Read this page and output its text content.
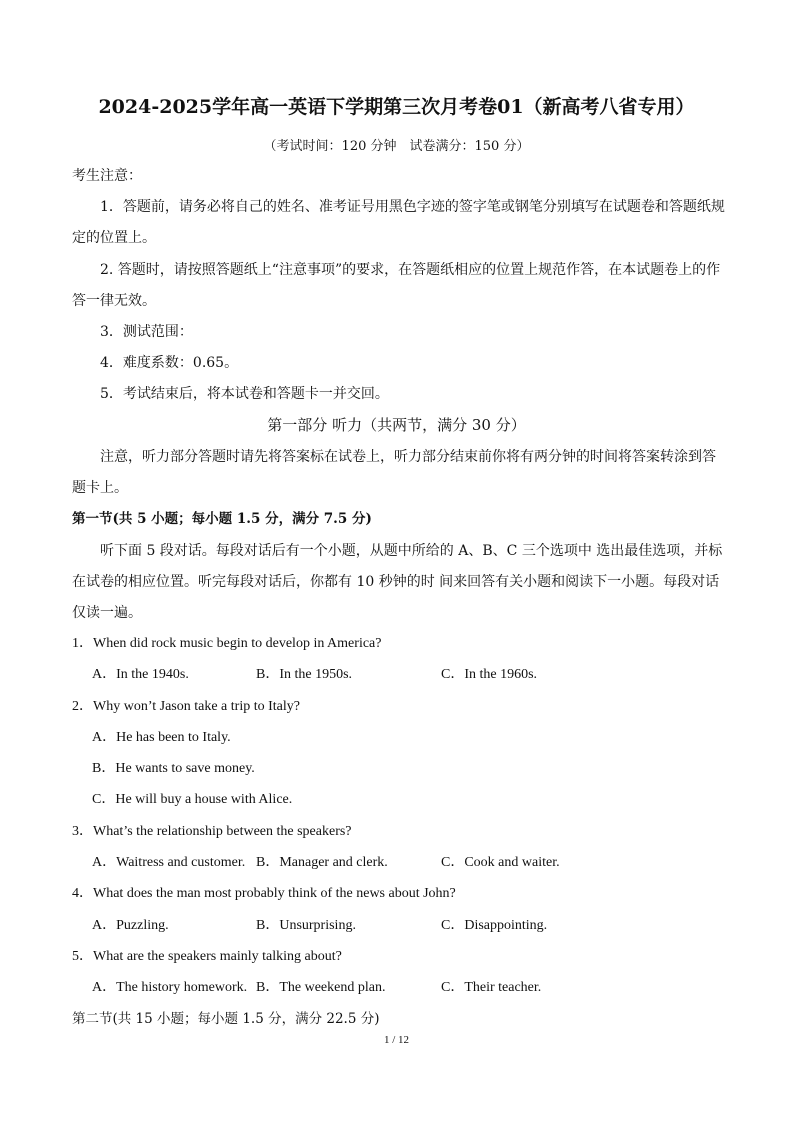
2024-2025学年高一英语下学期第三次月考卷01（新高考八省专用）
（考试时间：120 分钟　试卷满分：150 分）
考生注意：
1．答题前，请务必将自己的姓名、准考证号用黑色字迹的签字笔或钢笔分别填写在试题卷和答题纸规
定的位置上。
2. 答题时，请按照答题纸上“注意事项”的要求，在答题纸相应的位置上规范作答，在本试题卷上的作
答一律无效。
3．测试范围：
4．难度系数：0.65。
5．考试结束后，将本试卷和答题卡一并交回。
第一部分 听力（共两节，满分 30 分）
注意，听力部分答题时请先将答案标在试卷上，听力部分结束前你将有两分钟的时间将答案转涂到答
题卡上。
第一节(共 5 小题；每小题 1.5 分，满分 7.5 分)
听下面 5 段对话。每段对话后有一个小题，从题中所给的 A、B、C 三个选项中 选出最佳选项，并标
在试卷的相应位置。听完每段对话后，你都有 10 秒钟的时 间来回答有关小题和阅读下一小题。每段对话
仅读一遍。
1．When did rock music begin to develop in America?
A．In the 1940s.	B．In the 1950s.	C．In the 1960s.
2．Why won’t Jason take a trip to Italy?
A．He has been to Italy.
B．He wants to save money.
C．He will buy a house with Alice.
3．What’s the relationship between the speakers?
A．Waitress and customer. B．Manager and clerk.	C．Cook and waiter.
4．What does the man most probably think of the news about John?
A．Puzzling.	B．Unsurprising.	C．Disappointing.
5．What are the speakers mainly talking about?
A．The history homework. B．The weekend plan.	C．Their teacher.
第二节(共 15 小题；每小题 1.5 分，满分 22.5 分)
1 / 12
